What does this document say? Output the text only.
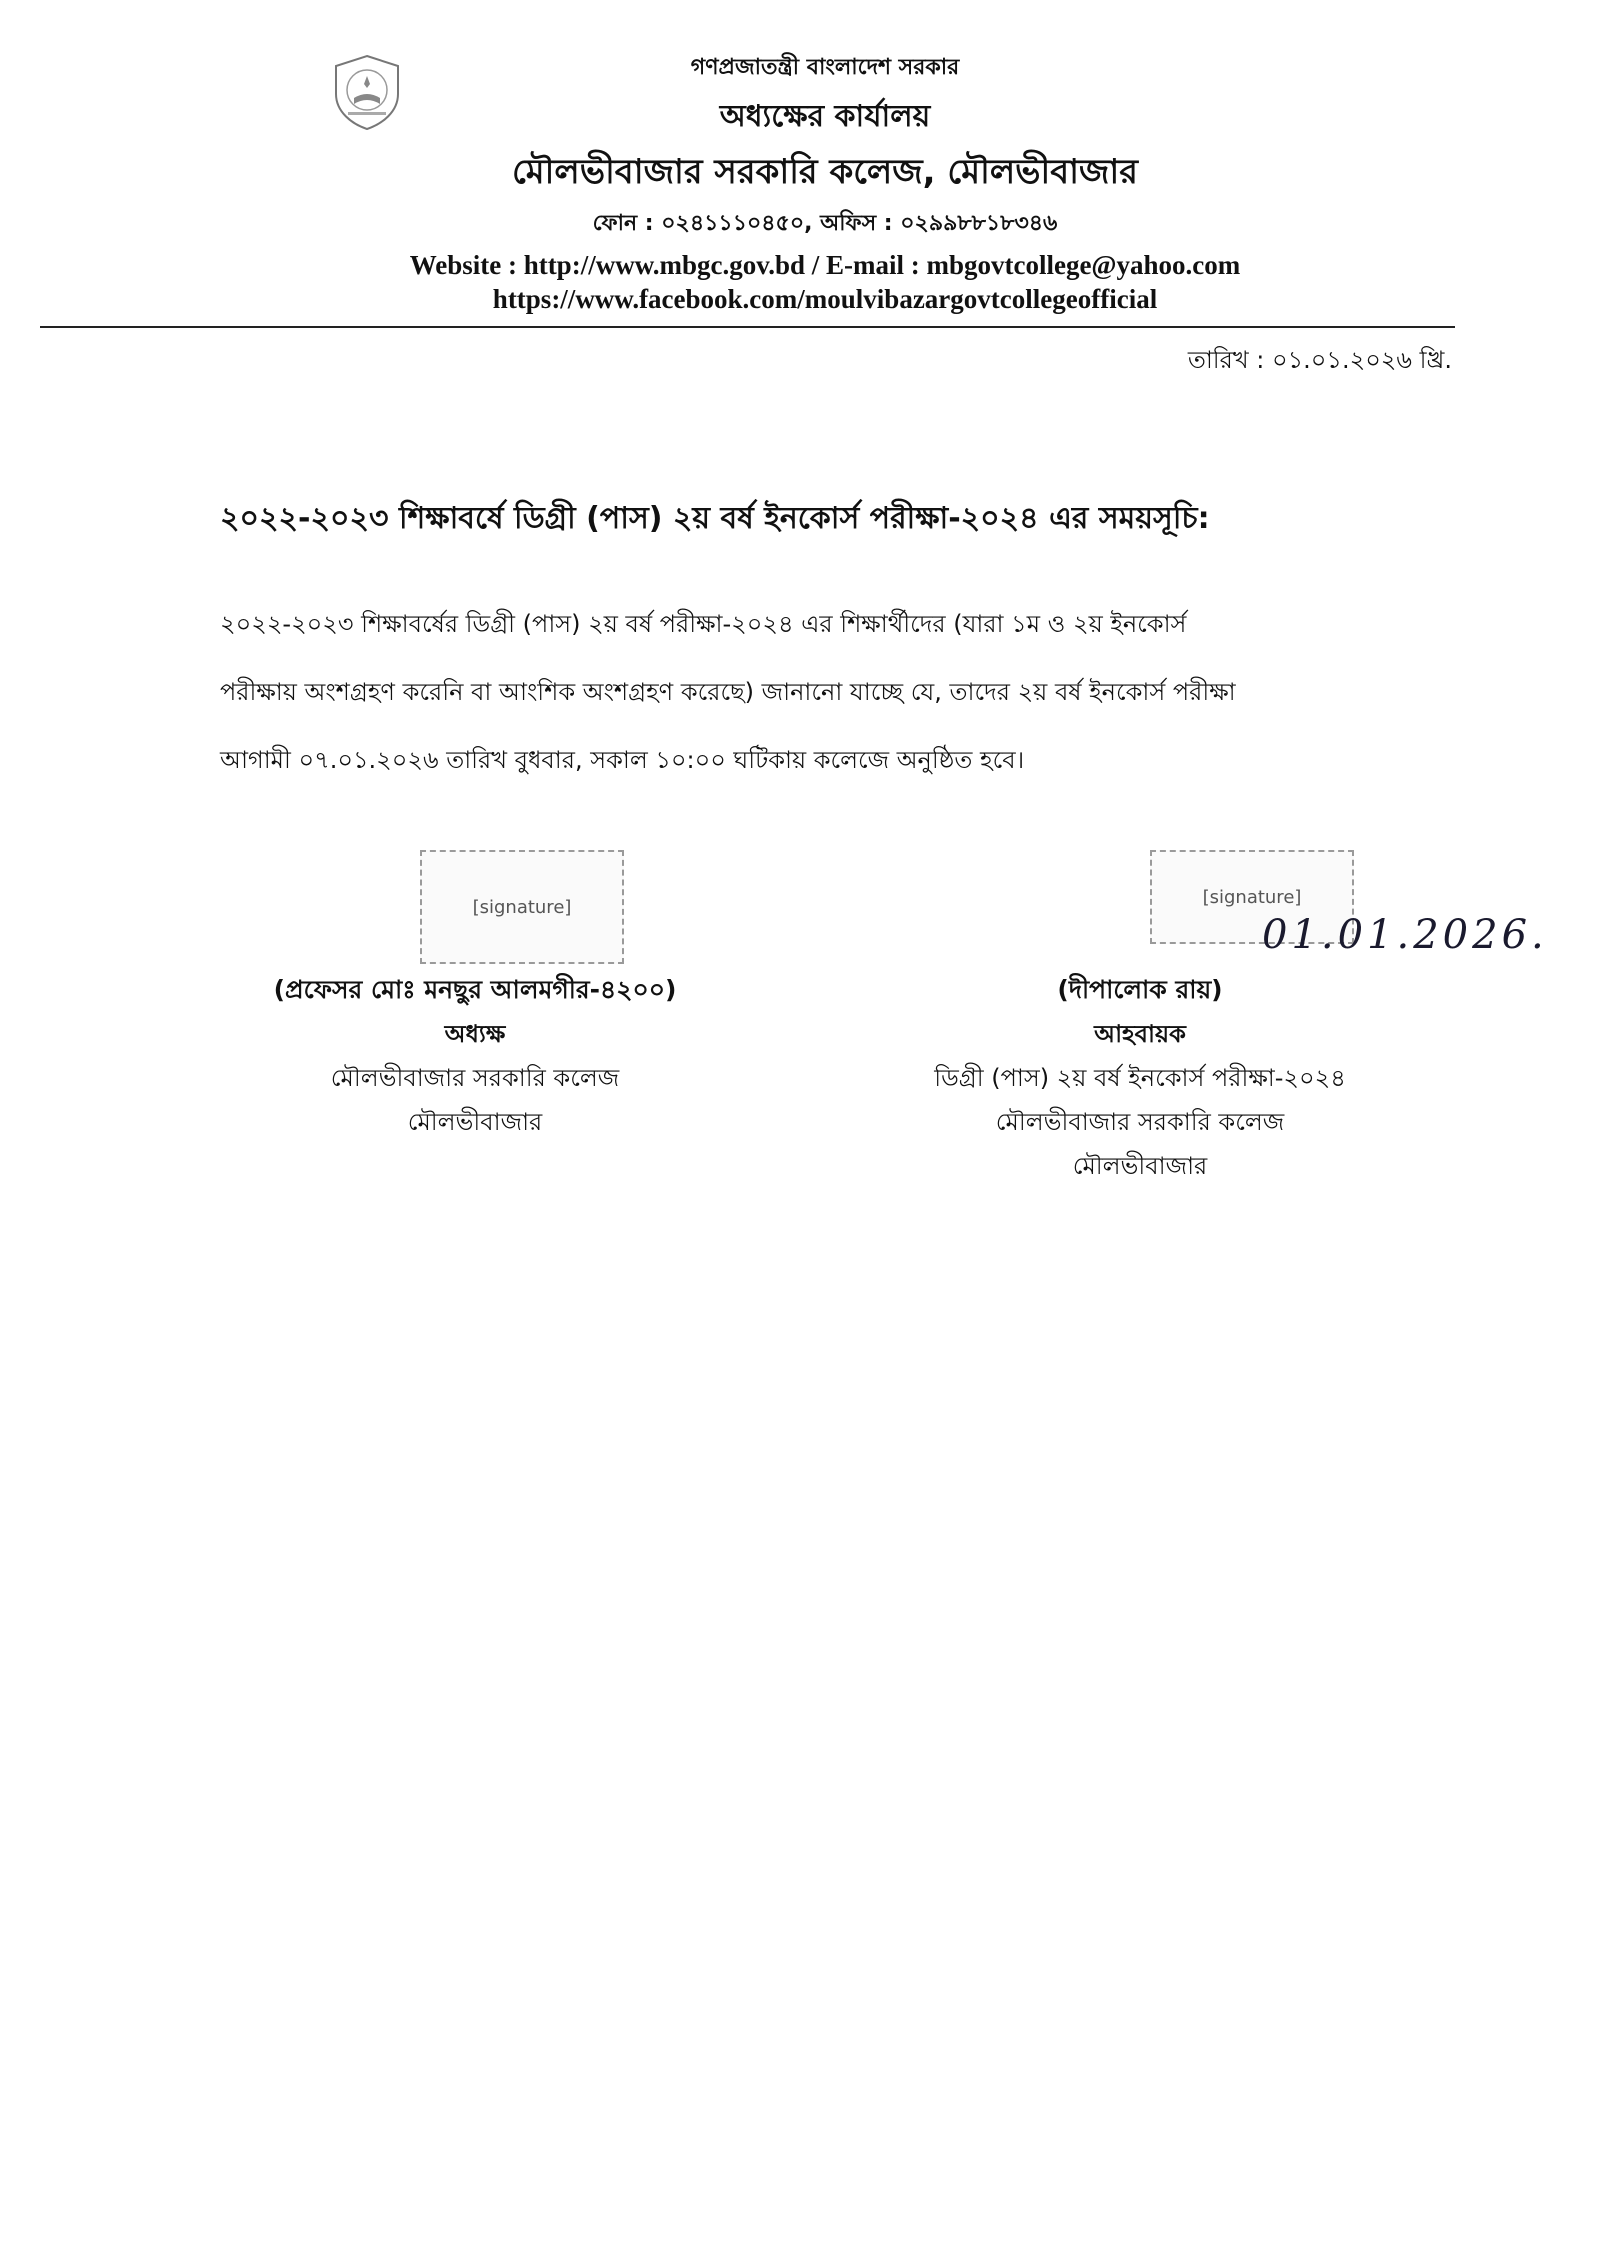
গণপ্রজাতন্ত্রী বাংলাদেশ সরকার
অধ্যক্ষের কার্যালয়
মৌলভীবাজার সরকারি কলেজ, মৌলভীবাজার
ফোন : ০২৪১১১০৪৫০, অফিস : ০২৯৯৮৮১৮৩৪৬
Website : http://www.mbgc.gov.bd / E-mail : mbgovtcollege@yahoo.com
https://www.facebook.com/moulvibazargovtcollegeofficial
তারিখ : ০১.০১.২০২৬ খ্রি.
২০২২-২০২৩ শিক্ষাবর্ষে ডিগ্রী (পাস) ২য় বর্ষ ইনকোর্স পরীক্ষা-২০২৪ এর সময়সূচি:
২০২২-২০২৩ শিক্ষাবর্ষের ডিগ্রী (পাস) ২য় বর্ষ পরীক্ষা-২০২৪ এর শিক্ষার্থীদের (যারা ১ম ও ২য় ইনকোর্স
পরীক্ষায় অংশগ্রহণ করেনি বা আংশিক অংশগ্রহণ করেছে) জানানো যাচ্ছে যে, তাদের ২য় বর্ষ ইনকোর্স পরীক্ষা
আগামী ০৭.০১.২০২৬ তারিখ বুধবার, সকাল ১০:০০ ঘটিকায় কলেজে অনুষ্ঠিত হবে।
[signature]	[signature]
01.01.2026.
(প্রফেসর মোঃ মনছুর আলমগীর-৪২০০)
অধ্যক্ষ
মৌলভীবাজার সরকারি কলেজ
মৌলভীবাজার
(দীপালোক রায়)
আহবায়ক
ডিগ্রী (পাস) ২য় বর্ষ ইনকোর্স পরীক্ষা-২০২৪
মৌলভীবাজার সরকারি কলেজ
মৌলভীবাজার
